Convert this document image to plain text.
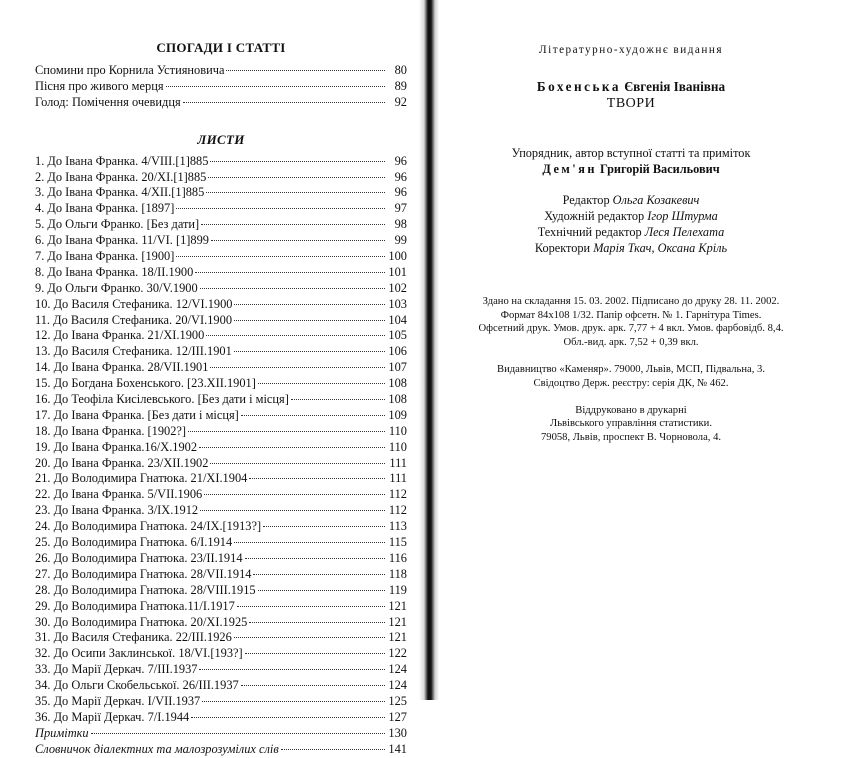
СПОГАДИ І СТАТТІ
Спомини про Корнила Устияновича	80
Пісня про живого мерця	89
Голод: Помічення очевидця	92
ЛИСТИ
1. До Івана Франка. 4/VIII.[1]885	96
2. До Івана Франка. 20/ХІ.[1]885	96
3. До Івана Франка. 4/ХІІ.[1]885	96
4. До Івана Франка. [1897]	97
5. До Ольги Франко. [Без дати]	98
6. До Івана Франка. 11/VI. [1]899	99
7. До Івана Франка. [1900]	100
8. До Івана Франка. 18/ІІ.1900	101
9. До Ольги Франко. 30/V.1900	102
10. До Василя Стефаника. 12/VI.1900	103
11. До Василя Стефаника. 20/VI.1900	104
12. До Івана Франка. 21/ХІ.1900	105
13. До Василя Стефаника. 12/ІІІ.1901	106
14. До Івана Франка. 28/VII.1901	107
15. До Богдана Бохенського. [23.ХІІ.1901]	108
16. До Теофіла Кисілевського. [Без дати і місця]	108
17. До Івана Франка. [Без дати і місця]	109
18. До Івана Франка. [1902?]	110
19. До Івана Франка.16/Х.1902	110
20. До Івана Франка. 23/ХІІ.1902	111
21. До Володимира Гнатюка. 21/ХІ.1904	111
22. До Івана Франка. 5/VII.1906	112
23. До Івана Франка. 3/ІХ.1912	112
24. До Володимира Гнатюка. 24/ІХ.[1913?]	113
25. До Володимира Гнатюка. 6/І.1914	115
26. До Володимира Гнатюка. 23/ІІ.1914	116
27. До Володимира Гнатюка. 28/VII.1914	118
28. До Володимира Гнатюка. 28/VIII.1915	119
29. До Володимира Гнатюка.11/І.1917	121
30. До Володимира Гнатюка. 20/ХІ.1925	121
31. До Василя Стефаника. 22/ІІІ.1926	121
32. До Осипи Заклинської. 18/VI.[193?]	122
33. До Марії Деркач. 7/ІІІ.1937	124
34. До Ольги Скобельської. 26/ІІІ.1937	124
35. До Марії Деркач. І/VII.1937	125
36. До Марії Деркач. 7/І.1944	127
Примітки	130
Словничок діалектних та малозрозумілих слів	141
Літературно-художнє видання
Бохенська Євгенія Іванівна
ТВОРИ
Упорядник, автор вступної статті та приміток
Дем'ян Григорій Васильович
Редактор Ольга Козакевич
Художній редактор Ігор Штурма
Технічний редактор Леся Пелехата
Коректори Марія Ткач, Оксана Кріль
Здано на складання 15. 03. 2002. Підписано до друку 28. 11. 2002.
Формат 84х108 1/32. Папір офсетн. № 1. Гарнітура Times.
Офсетний друк. Умов. друк. арк. 7,77 + 4 вкл. Умов. фарбовідб. 8,4.
Обл.-вид. арк. 7,52 + 0,39 вкл.
Видавництво «Каменяр». 79000, Львів, МСП, Підвальна, 3.
Свідоцтво Держ. реєстру: серія ДК, № 462.
Віддруковано в друкарні
Львівського управління статистики.
79058, Львів, проспект В. Чорновола, 4.
